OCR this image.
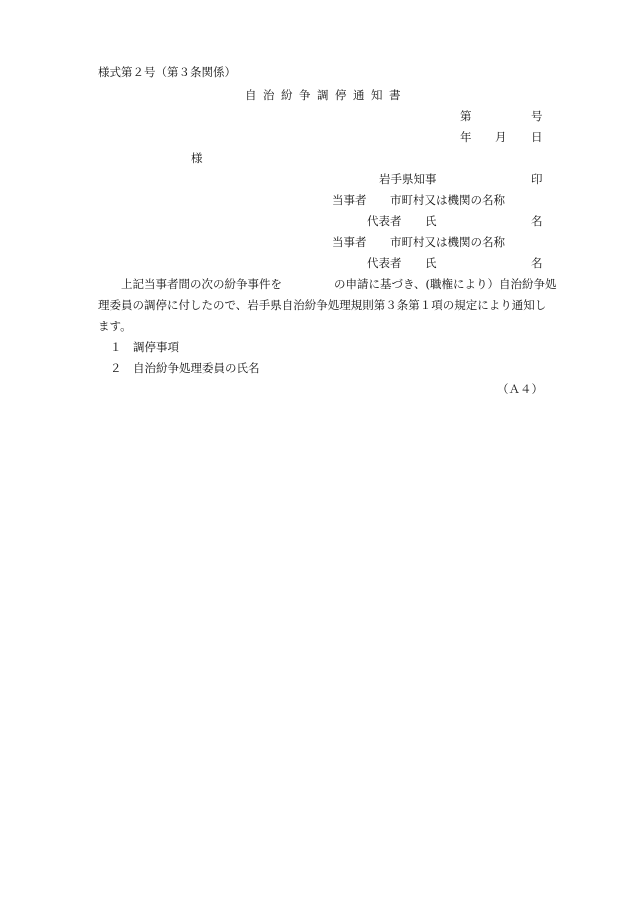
様式第２号（第３条関係）
自治紛争調停通知書
第	号
年 月 日
様
岩手県知事	印
当事者 市町村又は機関の名称
代表者 氏	名
当事者 市町村又は機関の名称
代表者 氏	名
上記当事者間の次の紛争事件を	の申請に基づき、(職権により）自治紛争処
理委員の調停に付したので、岩手県自治紛争処理規則第３条第１項の規定により通知し
ます。
１ 調停事項
２ 自治紛争処理委員の氏名
（Ａ４）
